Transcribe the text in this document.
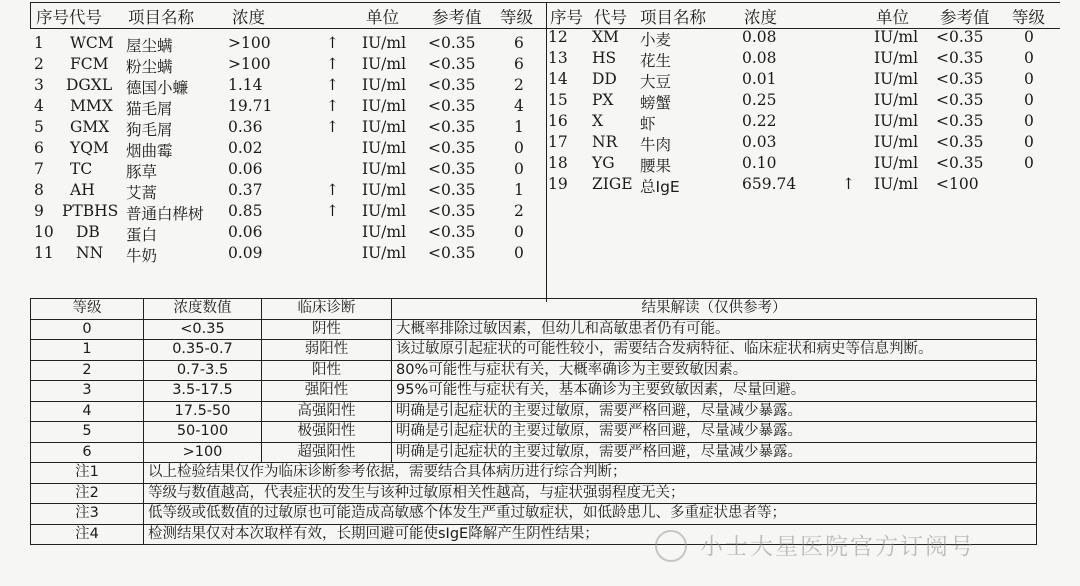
序号代号 项目名称 浓度	单位 参考值 等级 序号 代号 项目名称 浓度	单位 参考值 等级
1 WCM 屋尘螨	>100	↑ IU/ml <0.35 6
2 FCM 粉尘螨	>100	↑ IU/ml <0.35 6
3 DGXL 德国小蠊	1.14	↑ IU/ml <0.35 2
4 MMX 猫毛屑	19.71	↑ IU/ml <0.35 4
5 GMX 狗毛屑	0.36	↑ IU/ml <0.35 1
6 YQM 烟曲霉	0.02	IU/ml <0.35 0
7 TC 豚草	0.06	IU/ml <0.35 0
8 AH 艾蒿	0.37	↑ IU/ml <0.35 1
9 PTBHS 普通白桦树 0.85	↑ IU/ml <0.35 2
10 DB 蛋白	0.06	IU/ml <0.35 0
11 NN 牛奶	0.09	IU/ml <0.35 0
12 XM 小麦	0.08	IU/ml <0.35	0
13 HS 花生	0.08	IU/ml <0.35	0
14 DD 大豆	0.01	IU/ml <0.35	0
15 PX 螃蟹	0.25	IU/ml <0.35	0
16 X 虾	0.22	IU/ml <0.35	0
17 NR 牛肉	0.03	IU/ml <0.35	0
18 YG 腰果	0.10	IU/ml <0.35	0
19 ZIGE 总IgE	659.74	↑ IU/ml <100
等级	浓度数值	临床诊断	结果解读（仅供参考）
0	<0.35	阴性	大概率排除过敏因素，但幼儿和高敏患者仍有可能。
1	0.35-0.7	弱阳性	该过敏原引起症状的可能性较小，需要结合发病特征、临床症状和病史等信息判断。
2	0.7-3.5	阳性	80%可能性与症状有关，大概率确诊为主要致敏因素。
3	3.5-17.5	强阳性	95%可能性与症状有关，基本确诊为主要致敏因素，尽量回避。
4	17.5-50	高强阳性	明确是引起症状的主要过敏原，需要严格回避，尽量减少暴露。
5	50-100	极强阳性	明确是引起症状的主要过敏原，需要严格回避，尽量减少暴露。
6	>100	超强阳性	明确是引起症状的主要过敏原，需要严格回避，尽量减少暴露。
注1	以上检验结果仅作为临床诊断参考依据，需要结合具体病历进行综合判断；		
注2	等级与数值越高，代表症状的发生与该种过敏原相关性越高，与症状强弱程度无关；		
注3	低等级或低数值的过敏原也可能造成高敏感个体发生严重过敏症状，如低龄患儿、多重症状患者等；		
注4	检测结果仅对本次取样有效，长期回避可能使sIgE降解产生阴性结果；		
小士大星医院官方订阅号
